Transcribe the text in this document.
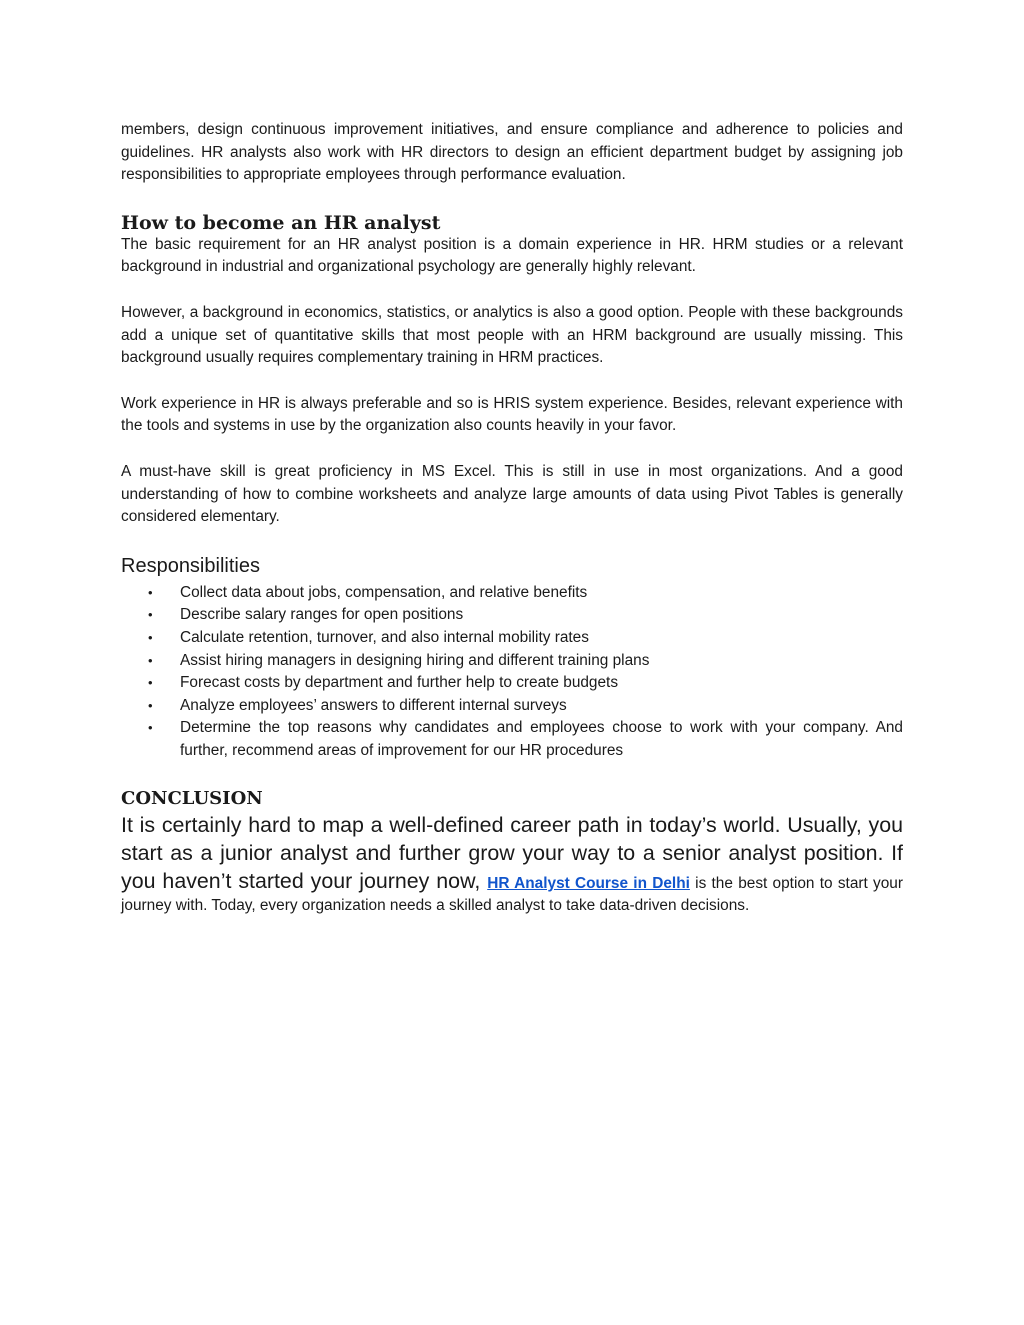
members, design continuous improvement initiatives, and ensure compliance and adherence to policies and guidelines. HR analysts also work with HR directors to design an efficient department budget by assigning job responsibilities to appropriate employees through performance evaluation.

How to become an HR analyst

The basic requirement for an HR analyst position is a domain experience in HR. HRM studies or a relevant background in industrial and organizational psychology are generally highly relevant.

However, a background in economics, statistics, or analytics is also a good option. People with these backgrounds add a unique set of quantitative skills that most people with an HRM background are usually missing. This background usually requires complementary training in HRM practices.

Work experience in HR is always preferable and so is HRIS system experience. Besides, relevant experience with the tools and systems in use by the organization also counts heavily in your favor.

A must-have skill is great proficiency in MS Excel. This is still in use in most organizations. And a good understanding of how to combine worksheets and analyze large amounts of data using Pivot Tables is generally considered elementary.

Responsibilities
• Collect data about jobs, compensation, and relative benefits
• Describe salary ranges for open positions
• Calculate retention, turnover, and also internal mobility rates
• Assist hiring managers in designing hiring and different training plans
• Forecast costs by department and further help to create budgets
• Analyze employees’ answers to different internal surveys
• Determine the top reasons why candidates and employees choose to work with your company. And further, recommend areas of improvement for our HR procedures
CONCLUSION

It is certainly hard to map a well-defined career path in today’s world. Usually, you start as a junior analyst and further grow your way to a senior analyst position. If you haven’t started your journey now, HR Analyst Course in Delhi is the best option to start your journey with. Today, every organization needs a skilled analyst to take data-driven decisions.
